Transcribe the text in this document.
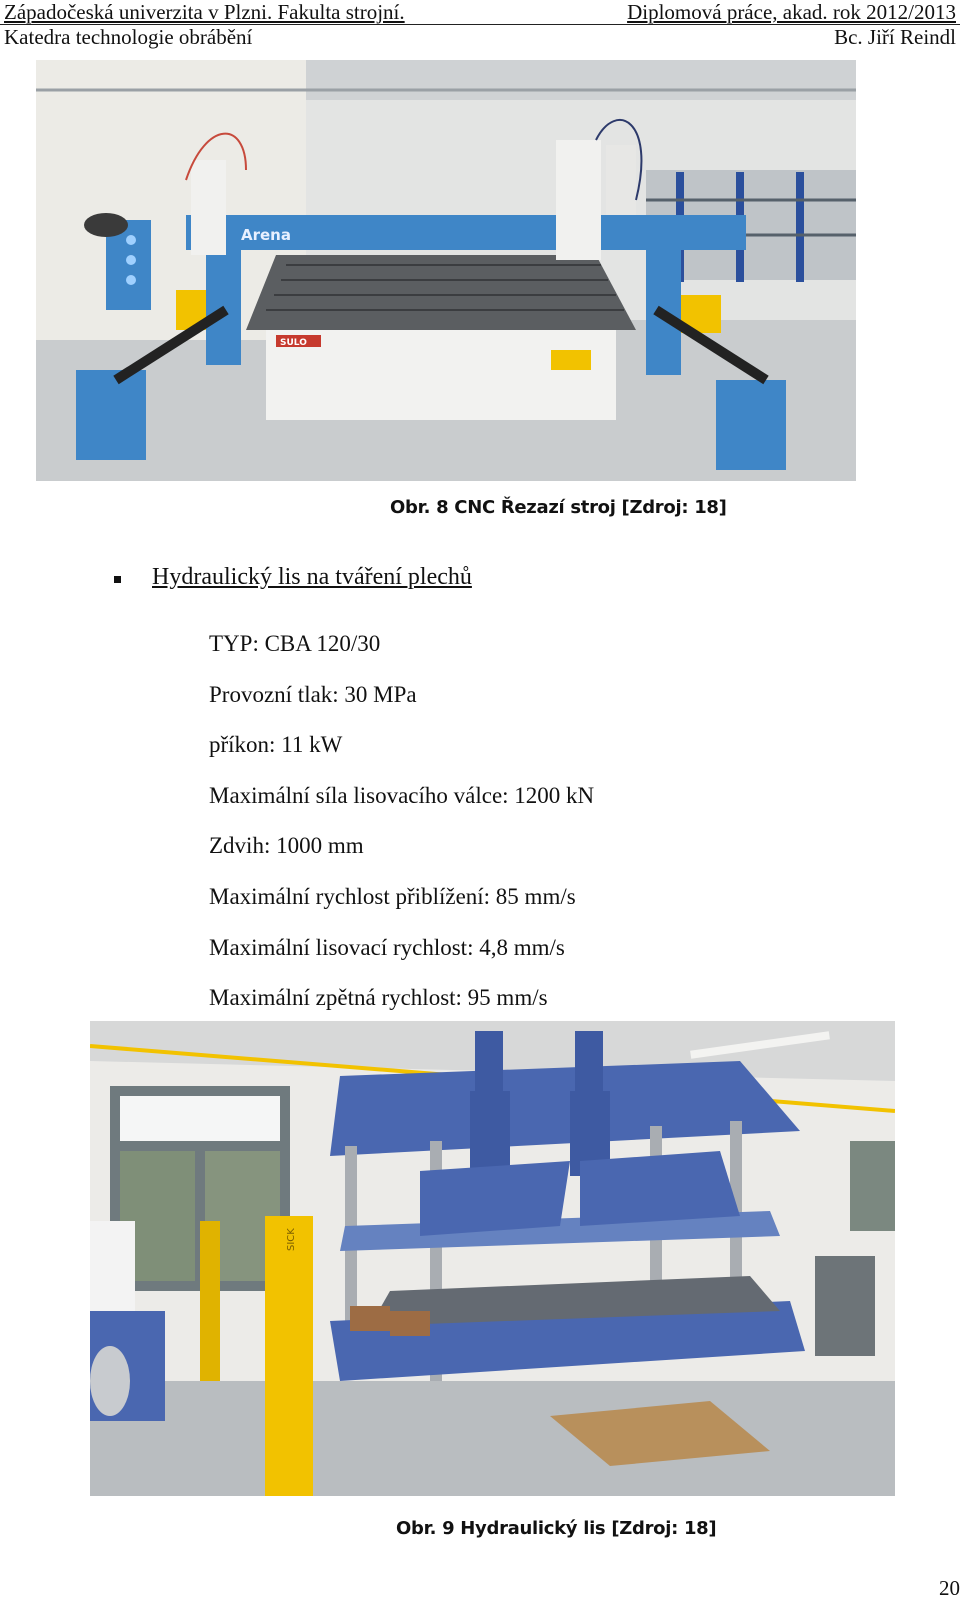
Západočeská univerzita v Plzni. Fakulta strojní.	Diplomová práce, akad. rok 2012/2013
Katedra technologie obrábění	Bc. Jiří Reindl
Arena
SULO
Obr. 8 CNC Řezazí stroj [Zdroj: 18]
Hydraulický lis na tváření plechů
TYP: CBA 120/30
Provozní tlak: 30 MPa
příkon: 11 kW
Maximální síla lisovacího válce: 1200 kN
Zdvih: 1000 mm
Maximální rychlost přiblížení: 85 mm/s
Maximální lisovací rychlost: 4,8 mm/s
Maximální zpětná rychlost: 95 mm/s
SICK
Obr. 9 Hydraulický lis [Zdroj: 18]
20
